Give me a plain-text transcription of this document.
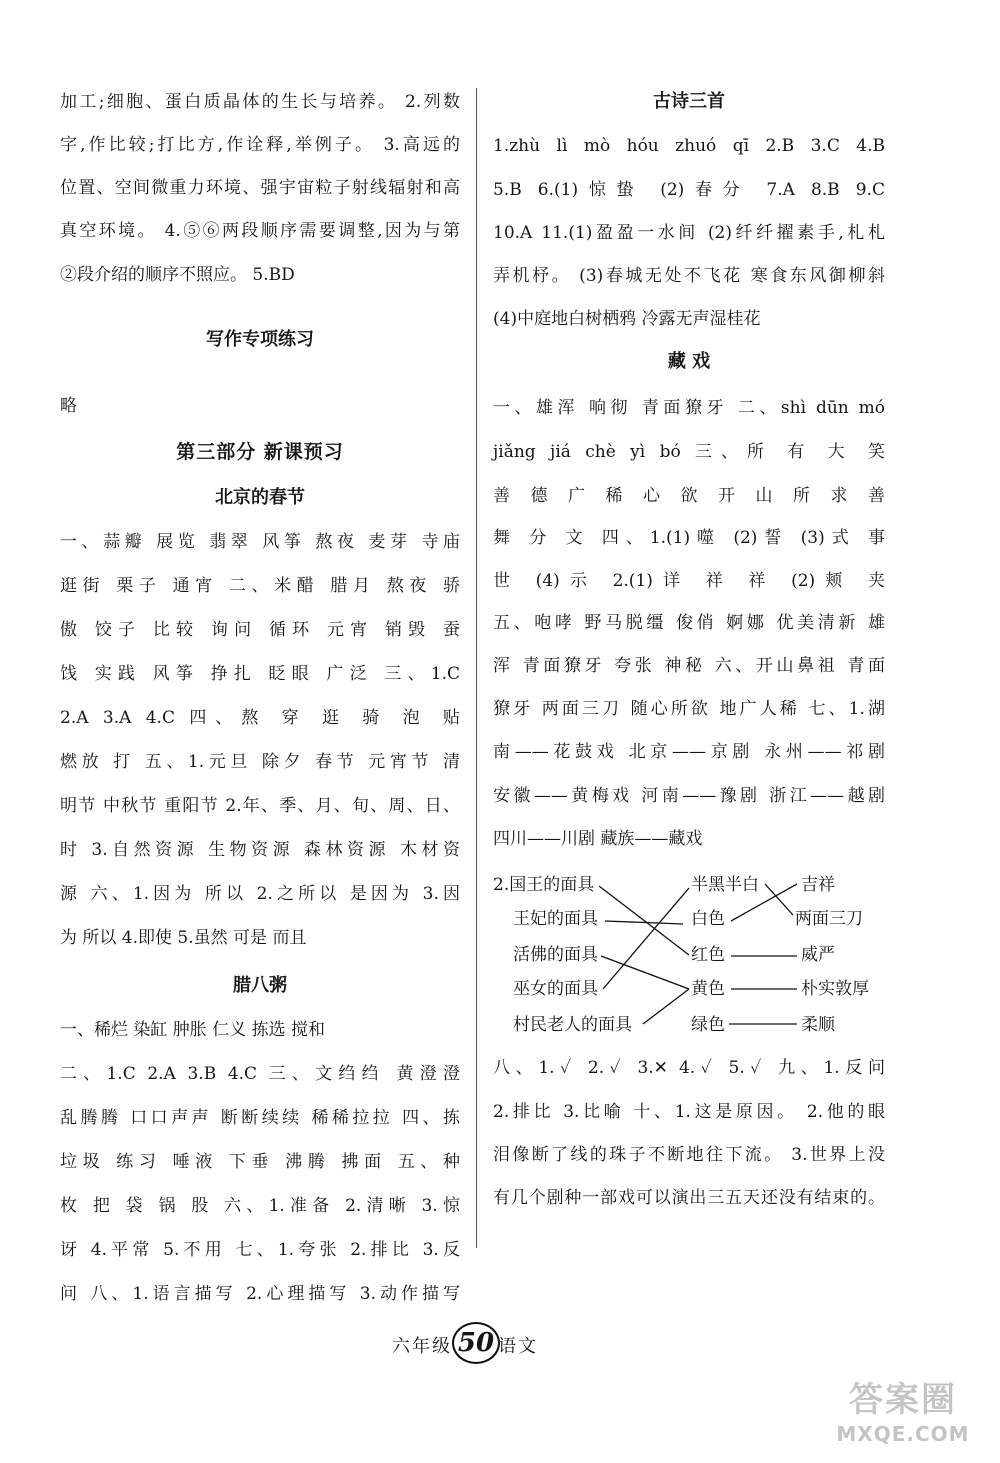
加工;细胞、蛋白质晶体的生长与培养。 2.列数
字,作比较;打比方,作诠释,举例子。 3.高远的
位置、空间微重力环境、强宇宙粒子射线辐射和高
真空环境。 4.⑤⑥两段顺序需要调整,因为与第
②段介绍的顺序不照应。 5.BD
写作专项练习
略
第三部分 新课预习
北京的春节
一、蒜瓣 展览 翡翠 风筝 熬夜 麦芽 寺庙
逛街 栗子 通宵 二、米醋 腊月 熬夜 骄
傲 饺子 比较 询问 循环 元宵 销毁 蚕
饯 实践 风筝 挣扎 眨眼 广泛 三、1.C
2.A 3.A 4.C 四、熬 穿 逛 骑 泡 贴
燃放 打 五、1.元旦 除夕 春节 元宵节 清
明节 中秋节 重阳节 2.年、季、月、旬、周、日、
时 3.自然资源 生物资源 森林资源 木材资
源 六、1.因为 所以 2.之所以 是因为 3.因
为 所以 4.即使 5.虽然 可是 而且
腊八粥
一、稀烂 染缸 肿胀 仁义 拣选 搅和
二、1.C 2.A 3.B 4.C 三、文绉绉 黄澄澄
乱腾腾 口口声声 断断续续 稀稀拉拉 四、拣
垃圾 练习 唾液 下垂 沸腾 拂面 五、种
枚 把 袋 锅 股 六、1.准备 2.清晰 3.惊
讶 4.平常 5.不用 七、1.夸张 2.排比 3.反
问 八、1.语言描写 2.心理描写 3.动作描写
古诗三首
1.zhù lì mò hóu zhuó qī 2.B 3.C 4.B
5.B 6.(1)惊蛰 (2)春分 7.A 8.B 9.C
10.A 11.(1)盈盈一水间 (2)纤纤擢素手,札札
弄机杼。 (3)春城无处不飞花 寒食东风御柳斜
(4)中庭地白树栖鸦 冷露无声湿桂花
藏 戏
一、雄浑 响彻 青面獠牙 二、shì dūn mó
jiǎng jiá chè yì bó 三、所 有 大 笑
善 德 广 稀 心 欲 开 山 所 求 善
舞 分 文 四、1.(1)噬 (2)誓 (3)式 事
世 (4)示 2.(1)详 祥 祥 (2)颊 夹
五、咆哮 野马脱缰 俊俏 婀娜 优美清新 雄
浑 青面獠牙 夸张 神秘 六、开山鼻祖 青面
獠牙 两面三刀 随心所欲 地广人稀 七、1.湖
南——花鼓戏 北京——京剧 永州——祁剧
安徽——黄梅戏 河南——豫剧 浙江——越剧
四川——川剧 藏族——藏戏
2.国王的面具
王妃的面具
活佛的面具
巫女的面具
村民老人的面具
半黑半白
白色
红色
黄色
绿色
吉祥
两面三刀
威严
朴实敦厚
柔顺
八、1.✓ 2.✓ 3.✕ 4.✓ 5.✓ 九、1.反问
2.排比 3.比喻 十、1.这是原因。 2.他的眼
泪像断了线的珠子不断地往下流。 3.世界上没
有几个剧种一部戏可以演出三五天还没有结束的。
六年级 50 语文
答案圈
MXQE.COM
